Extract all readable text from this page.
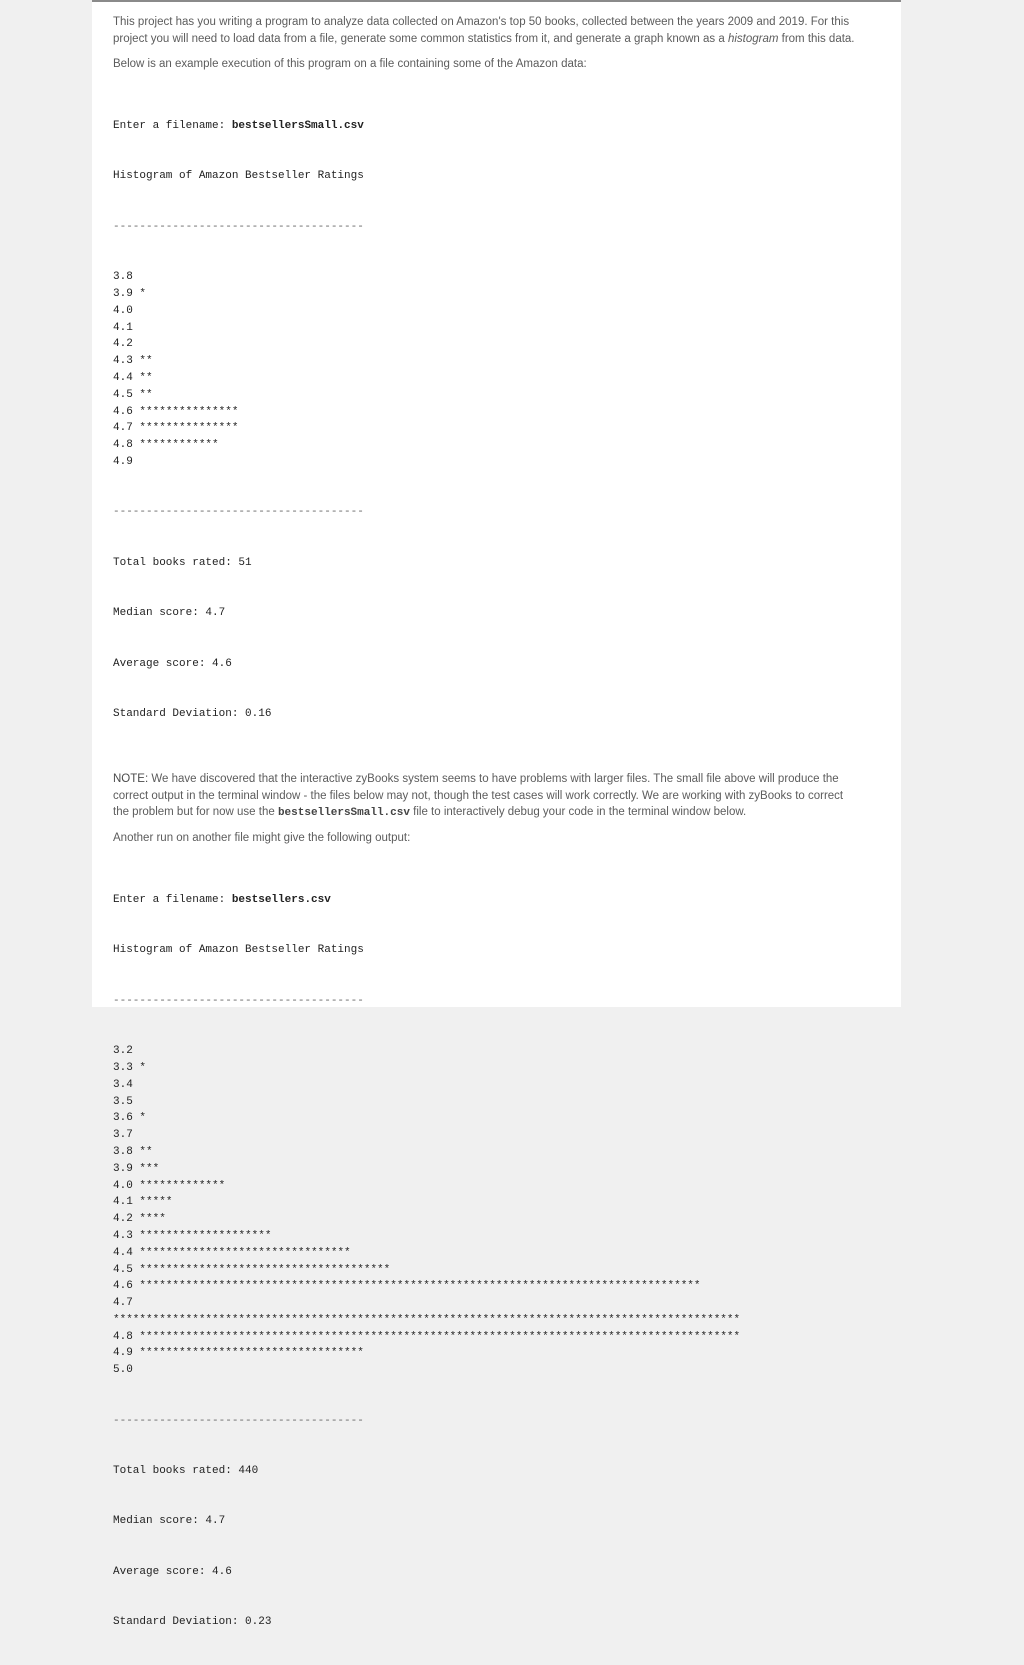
This project has you writing a program to analyze data collected on Amazon's top 50 books, collected between the years 2009 and 2019. For this project you will need to load data from a file, generate some common statistics from it, and generate a graph known as a histogram from this data.

Below is an example execution of this program on a file containing some of the Amazon data:

Enter a filename: bestsellersSmall.csv

Histogram of Amazon Bestseller Ratings

--------------------------------------

3.8
3.9 *
4.0
4.1
4.2
4.3 **
4.4 **
4.5 **
4.6 ***************
4.7 ***************
4.8 ************
4.9

--------------------------------------

Total books rated: 51

Median score: 4.7

Average score: 4.6

Standard Deviation: 0.16

NOTE: We have discovered that the interactive zyBooks system seems to have problems with larger files. The small file above will produce the correct output in the terminal window - the files below may not, though the test cases will work correctly. We are working with zyBooks to correct the problem but for now use the bestsellersSmall.csv file to interactively debug your code in the terminal window below.

Another run on another file might give the following output:

Enter a filename: bestsellers.csv

Histogram of Amazon Bestseller Ratings

--------------------------------------

3.2
3.3 *
3.4
3.5
3.6 *
3.7
3.8 **
3.9 ***
4.0 *************
4.1 *****
4.2 ****
4.3 ********************
4.4 ********************************
4.5 **************************************
4.6 *************************************************************************************
4.7
***********************************************************************************************
4.8 *******************************************************************************************
4.9 **********************************
5.0

--------------------------------------

Total books rated: 440

Median score: 4.7

Average score: 4.6

Standard Deviation: 0.23
